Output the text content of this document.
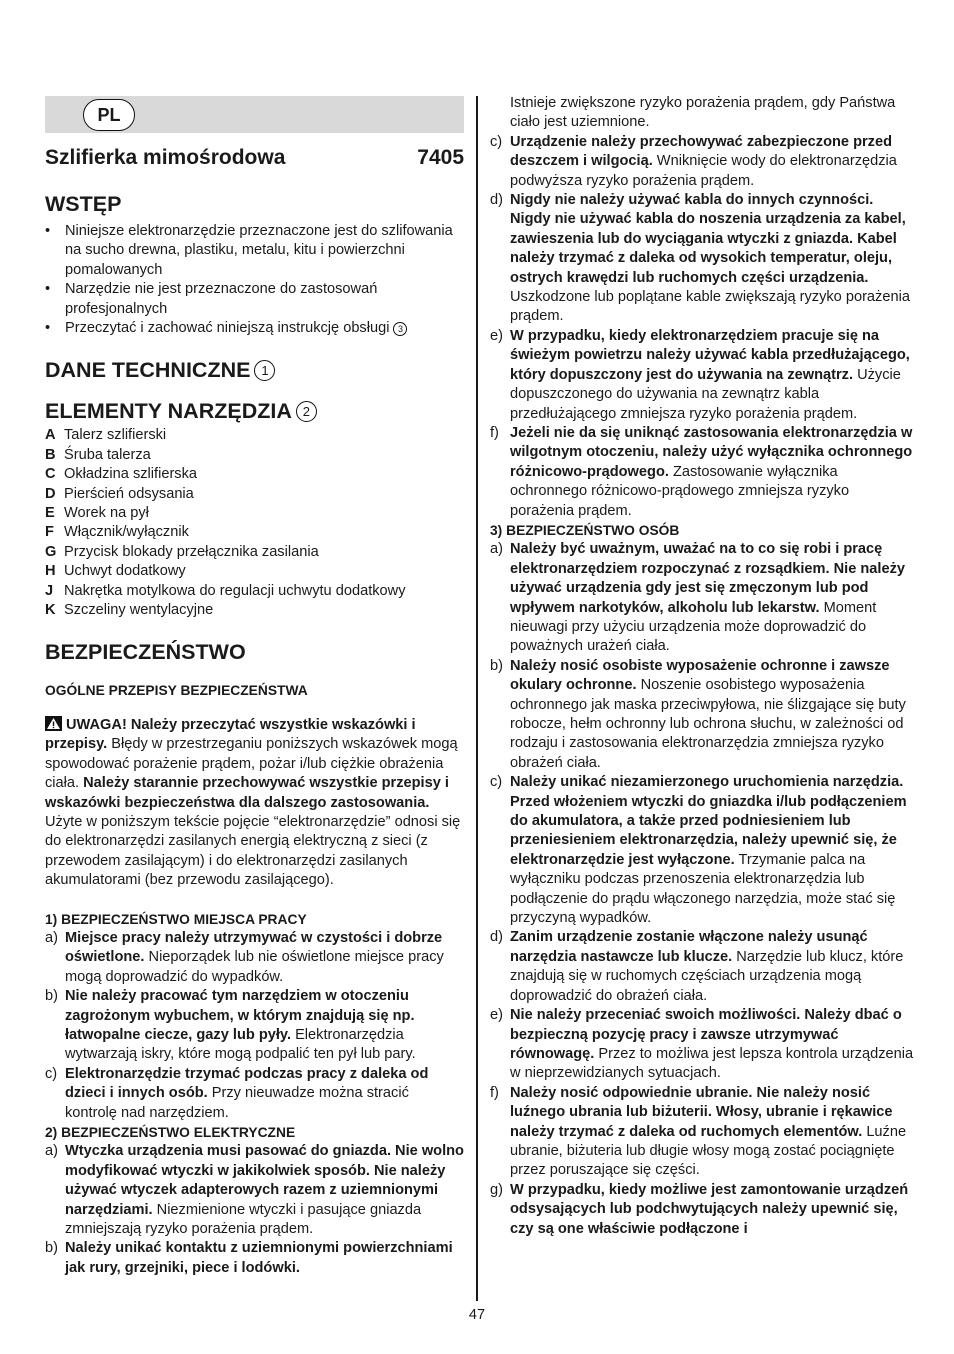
PL
Szlifierka mimośrodowa	7405
WSTĘP
• Niniejsze elektronarzędzie przeznaczone jest do szlifowania na sucho drewna, plastiku, metalu, kitu i powierzchni pomalowanych
• Narzędzie nie jest przeznaczone do zastosowań profesjonalnych
• Przeczytać i zachować niniejszą instrukcję obsługi 3
DANE TECHNICZNE 1
ELEMENTY NARZĘDZIA 2
A Talerz szlifierski
B Śruba talerza
C Okładzina szlifierska
D Pierścień odsysania
E Worek na pył
F Włącznik/wyłącznik
G Przycisk blokady przełącznika zasilania
H Uchwyt dodatkowy
J Nakrętka motylkowa do regulacji uchwytu dodatkowy
K Szczeliny wentylacyjne
BEZPIECZEŃSTWO
OGÓLNE PRZEPISY BEZPIECZEŃSTWA

UWAGA! Należy przeczytać wszystkie wskazówki i przepisy. Błędy w przestrzeganiu poniższych wskazówek mogą spowodować porażenie prądem, pożar i/lub ciężkie obrażenia ciała. Należy starannie przechowywać wszystkie przepisy i wskazówki bezpieczeństwa dla dalszego zastosowania. Użyte w poniższym tekście pojęcie “elektronarzędzie” odnosi się do elektronarzędzi zasilanych energią elektryczną z sieci (z przewodem zasilającym) i do elektronarzędzi zasilanych akumulatorami (bez przewodu zasilającego).

1) BEZPIECZEŃSTWO MIEJSCA PRACY
a) Miejsce pracy należy utrzymywać w czystości i dobrze oświetlone. Nieporządek lub nie oświetlone miejsce pracy mogą doprowadzić do wypadków.
b) Nie należy pracować tym narzędziem w otoczeniu zagrożonym wybuchem, w którym znajdują się np. łatwopalne ciecze, gazy lub pyły. Elektronarzędzia wytwarzają iskry, które mogą podpalić ten pył lub pary.
c) Elektronarzędzie trzymać podczas pracy z daleka od dzieci i innych osób. Przy nieuwadze można stracić kontrolę nad narzędziem.
2) BEZPIECZEŃSTWO ELEKTRYCZNE
a) Wtyczka urządzenia musi pasować do gniazda. Nie wolno modyfikować wtyczki w jakikolwiek sposób. Nie należy używać wtyczek adapterowych razem z uziemnionymi narzędziami. Niezmienione wtyczki i pasujące gniazda zmniejszają ryzyko porażenia prądem.
b) Należy unikać kontaktu z uziemnionymi powierzchniami jak rury, grzejniki, piece i lodówki.
Istnieje zwiększone ryzyko porażenia prądem, gdy Państwa ciało jest uziemnione.
c) Urządzenie należy przechowywać zabezpieczone przed deszczem i wilgocią. Wniknięcie wody do elektronarzędzia podwyższa ryzyko porażenia prądem.
d) Nigdy nie należy używać kabla do innych czynności. Nigdy nie używać kabla do noszenia urządzenia za kabel, zawieszenia lub do wyciągania wtyczki z gniazda. Kabel należy trzymać z daleka od wysokich temperatur, oleju, ostrych krawędzi lub ruchomych części urządzenia. Uszkodzone lub poplątane kable zwiększają ryzyko porażenia prądem.
e) W przypadku, kiedy elektronarzędziem pracuje się na świeżym powietrzu należy używać kabla przedłużającego, który dopuszczony jest do używania na zewnątrz. Użycie dopuszczonego do używania na zewnątrz kabla przedłużającego zmniejsza ryzyko porażenia prądem.
f) Jeżeli nie da się uniknąć zastosowania elektronarzędzia w wilgotnym otoczeniu, należy użyć wyłącznika ochronnego różnicowo-prądowego. Zastosowanie wyłącznika ochronnego różnicowo-prądowego zmniejsza ryzyko porażenia prądem.
3) BEZPIECZEŃSTWO OSÓB
a) Należy być uważnym, uważać na to co się robi i pracę elektronarzędziem rozpoczynać z rozsądkiem. Nie należy używać urządzenia gdy jest się zmęczonym lub pod wpływem narkotyków, alkoholu lub lekarstw. Moment nieuwagi przy użyciu urządzenia może doprowadzić do poważnych urażeń ciała.
b) Należy nosić osobiste wyposażenie ochronne i zawsze okulary ochronne. Noszenie osobistego wyposażenia ochronnego jak maska przeciwpyłowa, nie ślizgające się buty robocze, hełm ochronny lub ochrona słuchu, w zależności od rodzaju i zastosowania elektronarzędzia zmniejsza ryzyko obrażeń ciała.
c) Należy unikać niezamierzonego uruchomienia narzędzia. Przed włożeniem wtyczki do gniazdka i/lub podłączeniem do akumulatora, a także przed podniesieniem lub przeniesieniem elektronarzędzia, należy upewnić się, że elektronarzędzie jest wyłączone. Trzymanie palca na wyłączniku podczas przenoszenia elektronarzędzia lub podłączenie do prądu włączonego narzędzia, może stać się przyczyną wypadków.
d) Zanim urządzenie zostanie włączone należy usunąć narzędzia nastawcze lub klucze. Narzędzie lub klucz, które znajdują się w ruchomych częściach urządzenia mogą doprowadzić do obrażeń ciała.
e) Nie należy przeceniać swoich możliwości. Należy dbać o bezpieczną pozycję pracy i zawsze utrzymywać równowagę. Przez to możliwa jest lepsza kontrola urządzenia w nieprzewidzianych sytuacjach.
f) Należy nosić odpowiednie ubranie. Nie należy nosić luźnego ubrania lub biżuterii. Włosy, ubranie i rękawice należy trzymać z daleka od ruchomych elementów. Luźne ubranie, biżuteria lub długie włosy mogą zostać pociągnięte przez poruszające się części.
g) W przypadku, kiedy możliwe jest zamontowanie urządzeń odsysających lub podchwytujących należy upewnić się, czy są one właściwie podłączone i
47
